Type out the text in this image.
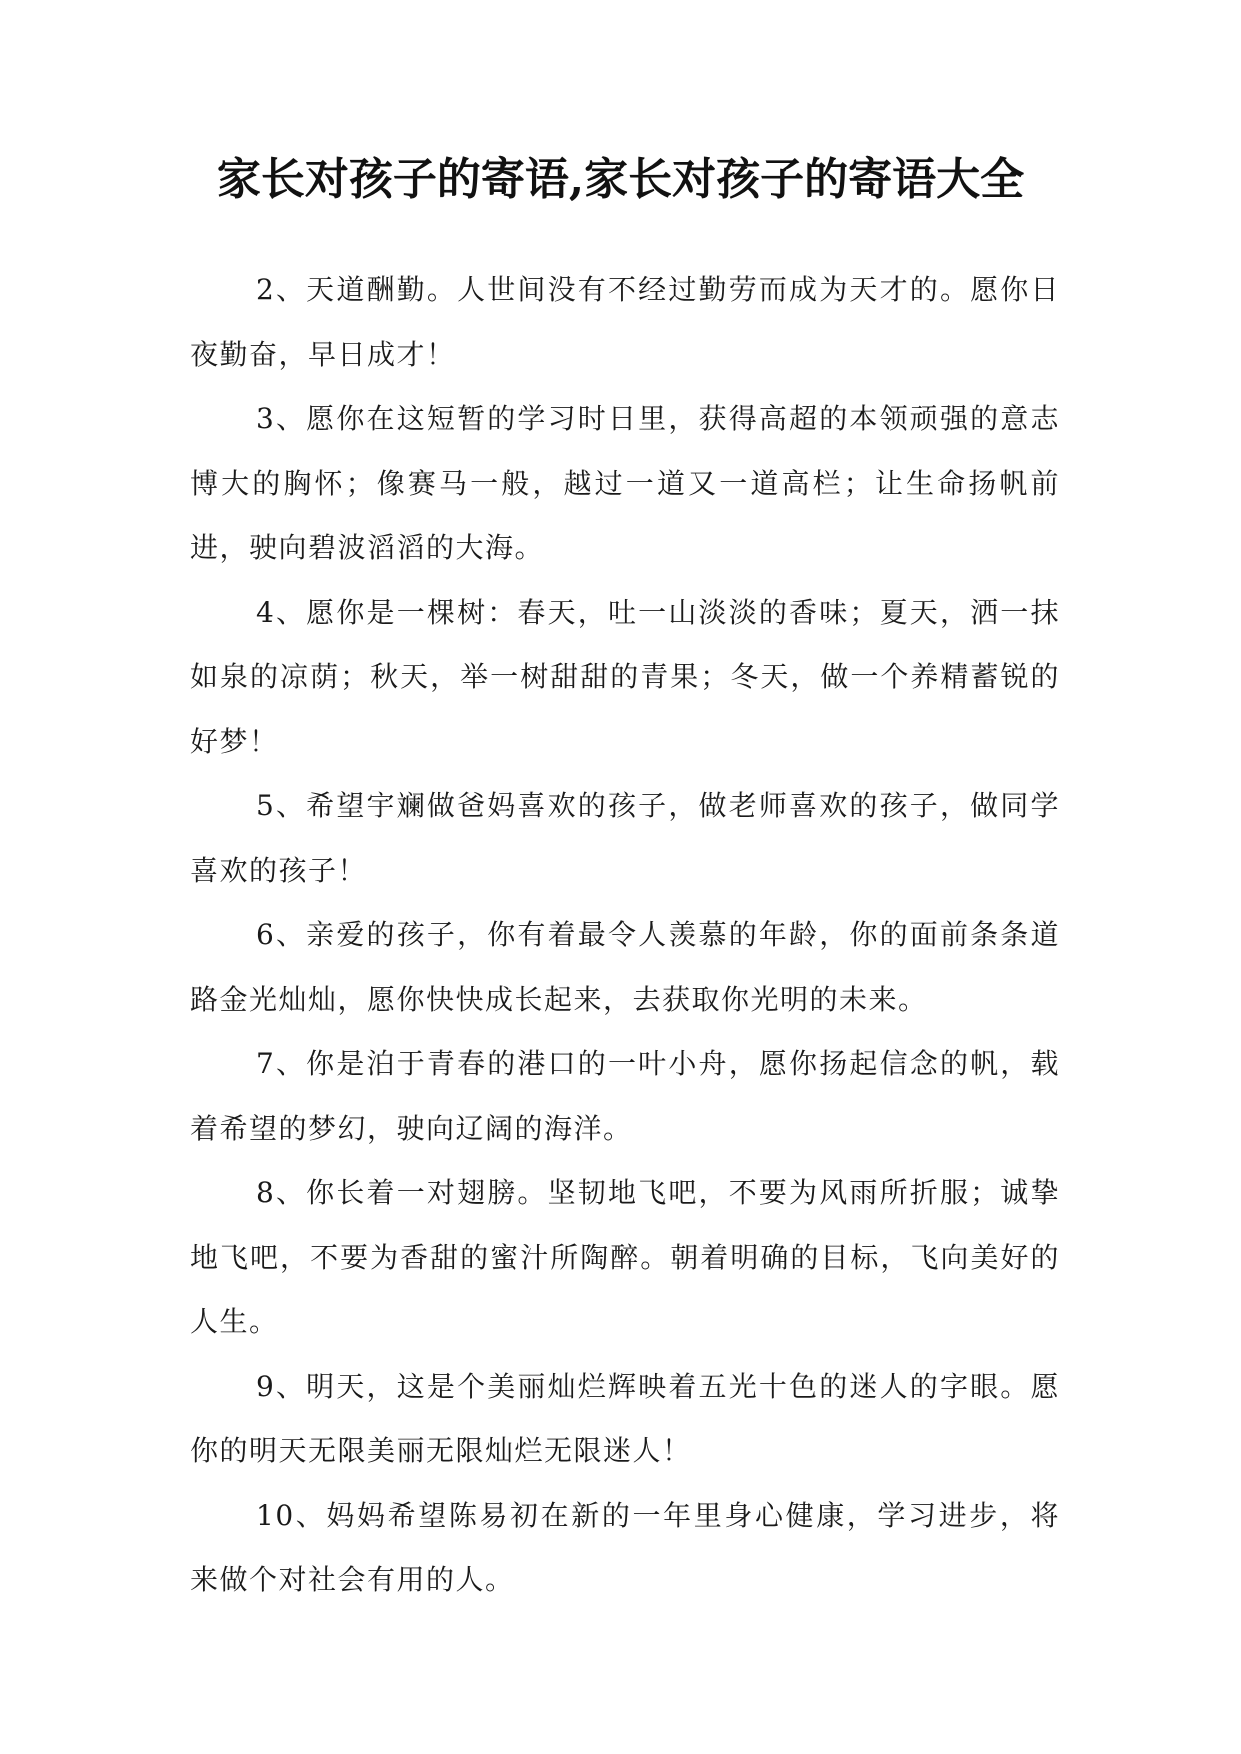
家长对孩子的寄语,家长对孩子的寄语大全

2、天道酬勤。人世间没有不经过勤劳而成为天才的。愿你日夜勤奋，早日成才！

3、愿你在这短暂的学习时日里，获得高超的本领顽强的意志博大的胸怀；像赛马一般，越过一道又一道高栏；让生命扬帆前进，驶向碧波滔滔的大海。

4、愿你是一棵树：春天，吐一山淡淡的香味；夏天，洒一抹如泉的凉荫；秋天，举一树甜甜的青果；冬天，做一个养精蓄锐的好梦！

5、希望宇斓做爸妈喜欢的孩子，做老师喜欢的孩子，做同学喜欢的孩子！

6、亲爱的孩子，你有着最令人羡慕的年龄，你的面前条条道路金光灿灿，愿你快快成长起来，去获取你光明的未来。

7、你是泊于青春的港口的一叶小舟，愿你扬起信念的帆，载着希望的梦幻，驶向辽阔的海洋。

8、你长着一对翅膀。坚韧地飞吧，不要为风雨所折服；诚挚地飞吧，不要为香甜的蜜汁所陶醉。朝着明确的目标，飞向美好的人生。

9、明天，这是个美丽灿烂辉映着五光十色的迷人的字眼。愿你的明天无限美丽无限灿烂无限迷人！

10、妈妈希望陈易初在新的一年里身心健康，学习进步，将来做个对社会有用的人。
